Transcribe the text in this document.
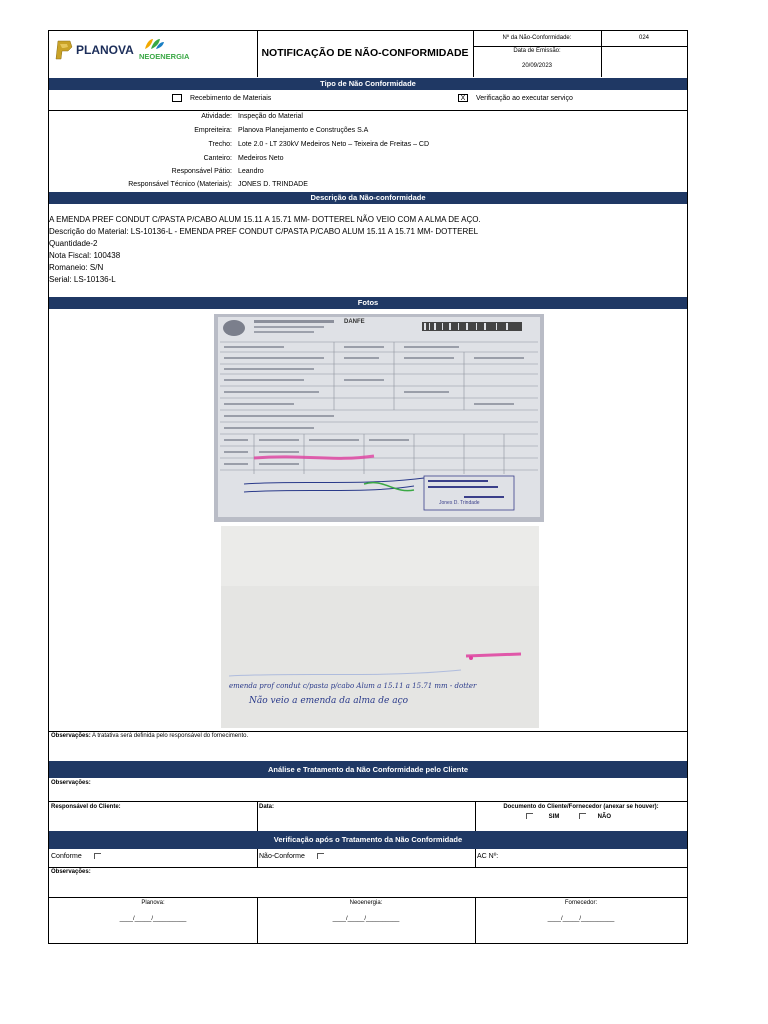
PLANOVA NEOENERGIA	NOTIFICAÇÃO DE NÃO-CONFORMIDADE
Nº da Não-Conformidade:	024
Data de Emissão:
20/09/2023
Tipo de Não Conformidade
Recebimento de Materiais	X Verificação ao executar serviço
Atividade: Inspeção do Material
Empreiteira: Planova Planejamento e Construções S.A
Trecho: Lote 2.0 - LT 230kV Medeiros Neto – Teixeira de Freitas – CD
Canteiro: Medeiros Neto
Responsável Pátio: Leandro
Responsável Técnico (Materiais): JONES D. TRINDADE
Descrição da Não-conformidade
A EMENDA PREF CONDUT C/PASTA P/CABO ALUM 15.11 A 15.71 MM- DOTTEREL NÃO VEIO COM A ALMA DE AÇO.
Descrição do Material: LS-10136-L - EMENDA PREF CONDUT C/PASTA P/CABO ALUM 15.11 A 15.71 MM- DOTTEREL
Quantidade-2
Nota Fiscal: 100438
Romaneio: S/N
Serial: LS-10136-L
Fotos
DANFE
Jones D. Trindade
emenda prof condut c/pasta p/cabo Alum a 15.11 a 15.71 mm - dotter
Não veio a emenda da alma de aço
Observações: A tratativa será definida pelo responsável do fornecimento.
Análise e Tratamento da Não Conformidade pelo Cliente
Observações:
Responsável do Cliente:	Data:	Documento do Cliente/Fornecedor (anexar se houver):
SIM	NÃO
Verificação após o Tratamento da Não Conformidade
Conforme	Não-Conforme	AC Nº:
Observações:
Planova:
____/_____/__________
Neoenergia:
____/_____/__________
Fornecedor:
____/_____/__________
